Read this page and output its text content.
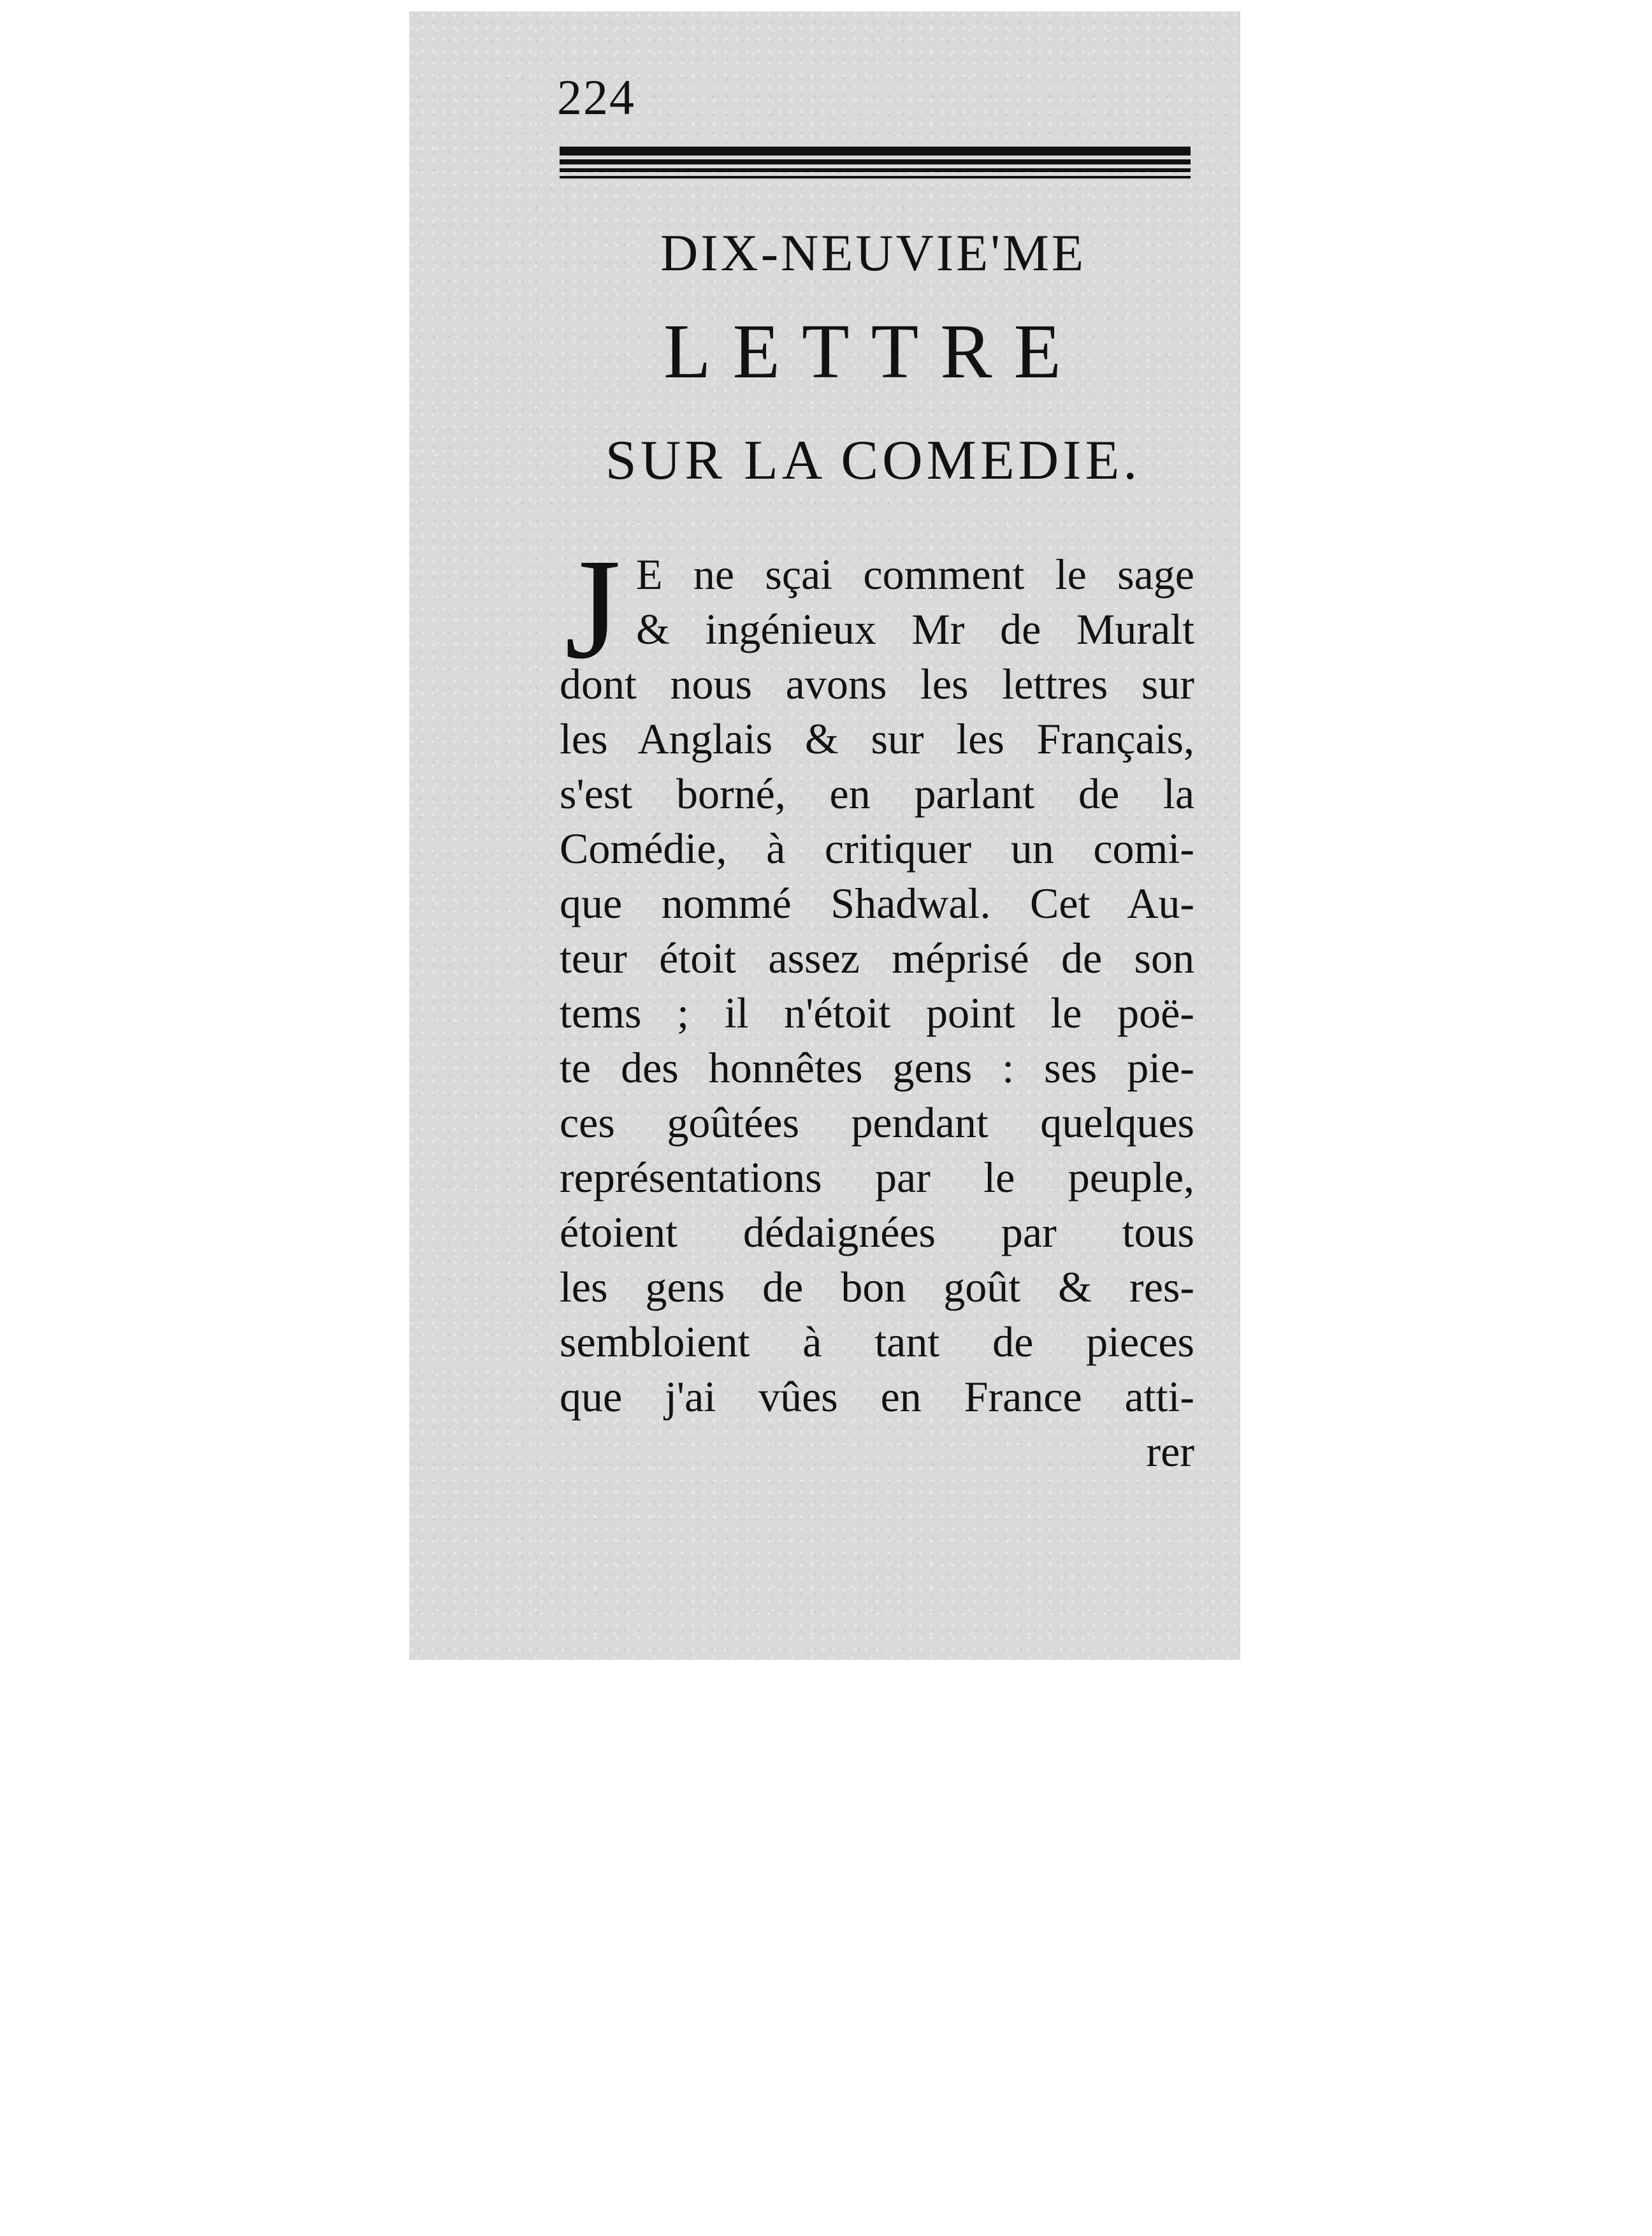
224
DIX-NEUVIE'ME
LETTRE
SUR LA COMEDIE.
J E ne sçai comment le sage
& ingénieux Mr de Muralt
dont nous avons les lettres sur
les Anglais & sur les Français,
s'est borné, en parlant de la
Comédie, à critiquer un comi-
que nommé Shadwal. Cet Au-
teur étoit assez méprisé de son
tems ; il n'étoit point le poë-
te des honnêtes gens : ses pie-
ces goûtées pendant quelques
représentations par le peuple,
étoient dédaignées par tous
les gens de bon goût & res-
sembloient à tant de pieces
que j'ai vûes en France atti-
rer
